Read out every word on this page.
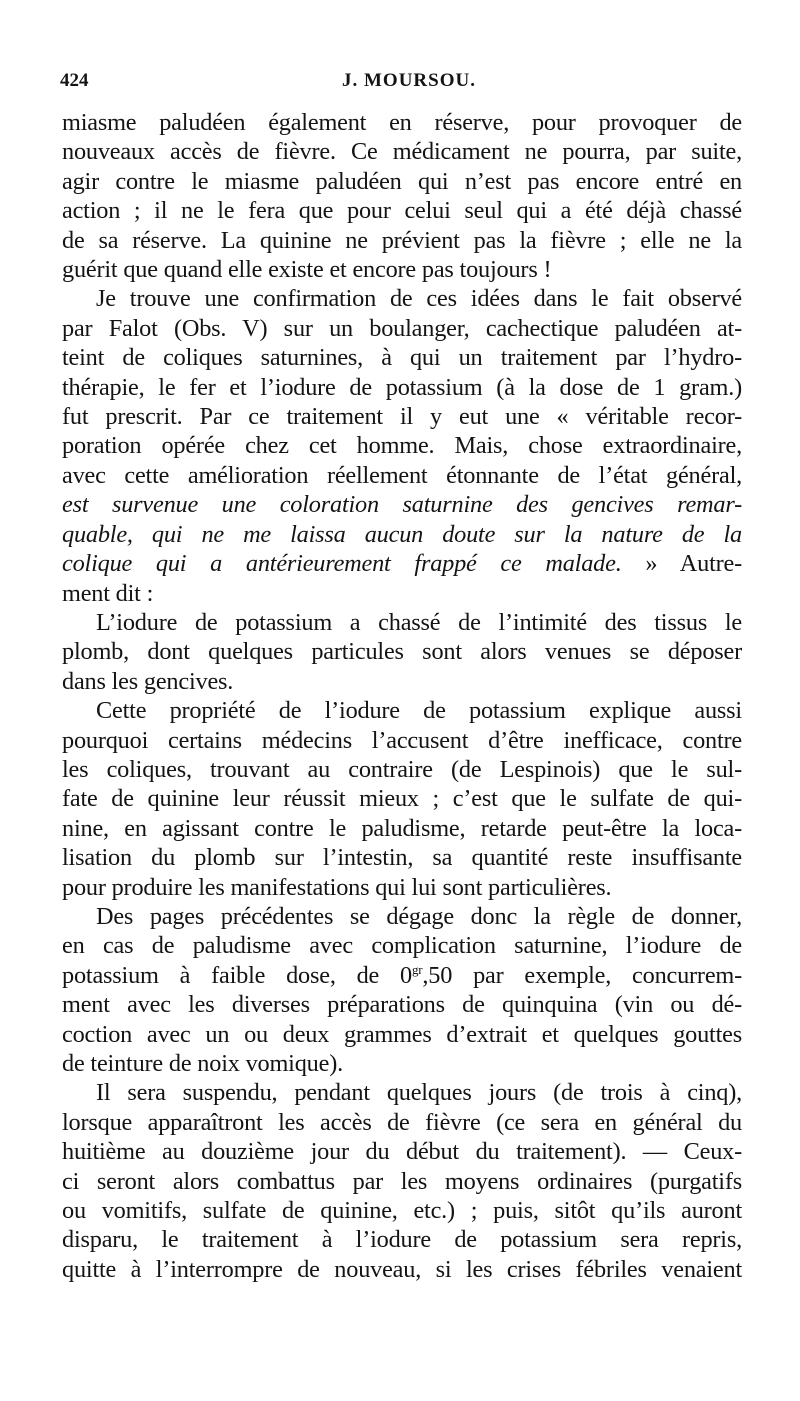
424	J. MOURSOU.
miasme paludéen également en réserve, pour provoquer de
nouveaux accès de fièvre. Ce médicament ne pourra, par suite,
agir contre le miasme paludéen qui n’est pas encore entré en
action ; il ne le fera que pour celui seul qui a été déjà chassé
de sa réserve. La quinine ne prévient pas la fièvre ; elle ne la
guérit que quand elle existe et encore pas toujours !
Je trouve une confirmation de ces idées dans le fait observé
par Falot (Obs. V) sur un boulanger, cachectique paludéen at-
teint de coliques saturnines, à qui un traitement par l’hydro-
thérapie, le fer et l’iodure de potassium (à la dose de 1 gram.)
fut prescrit. Par ce traitement il y eut une « véritable recor-
poration opérée chez cet homme. Mais, chose extraordinaire,
avec cette amélioration réellement étonnante de l’état général,
est survenue une coloration saturnine des gencives remar-
quable, qui ne me laissa aucun doute sur la nature de la
colique qui a antérieurement frappé ce malade. » Autre-
ment dit :
L’iodure de potassium a chassé de l’intimité des tissus le
plomb, dont quelques particules sont alors venues se déposer
dans les gencives.
Cette propriété de l’iodure de potassium explique aussi
pourquoi certains médecins l’accusent d’être inefficace, contre
les coliques, trouvant au contraire (de Lespinois) que le sul-
fate de quinine leur réussit mieux ; c’est que le sulfate de qui-
nine, en agissant contre le paludisme, retarde peut-être la loca-
lisation du plomb sur l’intestin, sa quantité reste insuffisante
pour produire les manifestations qui lui sont particulières.
Des pages précédentes se dégage donc la règle de donner,
en cas de paludisme avec complication saturnine, l’iodure de
potassium à faible dose, de $0^{gr},50$ par exemple, concurrem-
ment avec les diverses préparations de quinquina (vin ou dé-
coction avec un ou deux grammes d’extrait et quelques gouttes
de teinture de noix vomique).
Il sera suspendu, pendant quelques jours (de trois à cinq),
lorsque apparaîtront les accès de fièvre (ce sera en général du
huitième au douzième jour du début du traitement). — Ceux-
ci seront alors combattus par les moyens ordinaires (purgatifs
ou vomitifs, sulfate de quinine, etc.) ; puis, sitôt qu’ils auront
disparu, le traitement à l’iodure de potassium sera repris,
quitte à l’interrompre de nouveau, si les crises fébriles venaient
